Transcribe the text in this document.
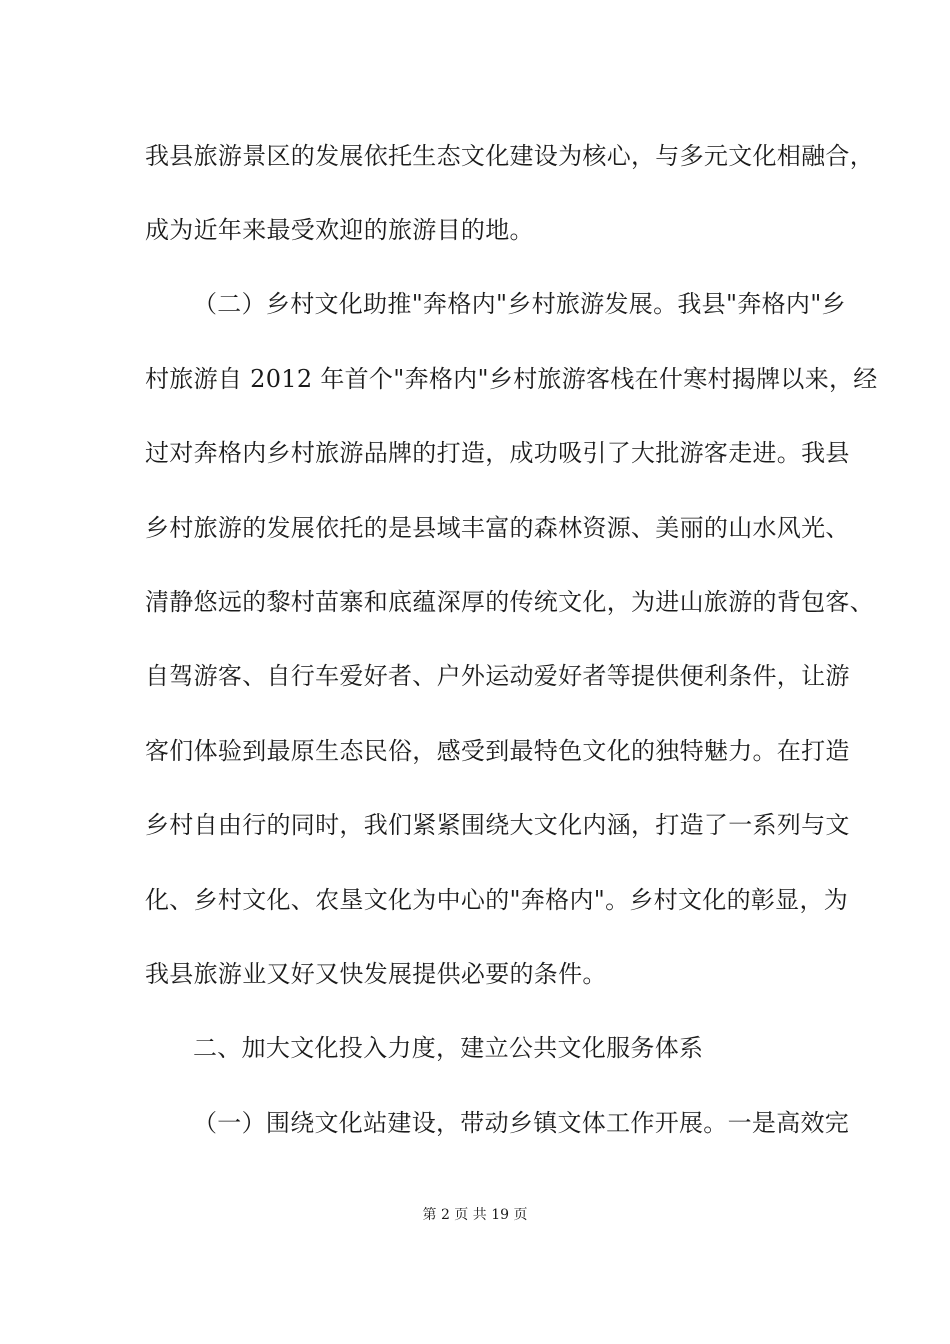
我县旅游景区的发展依托生态文化建设为核心，与多元文化相融合，
成为近年来最受欢迎的旅游目的地。
（二）乡村文化助推"奔格内"乡村旅游发展。我县"奔格内"乡
村旅游自 2012 年首个"奔格内"乡村旅游客栈在什寒村揭牌以来，经
过对奔格内乡村旅游品牌的打造，成功吸引了大批游客走进。我县
乡村旅游的发展依托的是县域丰富的森林资源、美丽的山水风光、
清静悠远的黎村苗寨和底蕴深厚的传统文化，为进山旅游的背包客、
自驾游客、自行车爱好者、户外运动爱好者等提供便利条件，让游
客们体验到最原生态民俗，感受到最特色文化的独特魅力。在打造
乡村自由行的同时，我们紧紧围绕大文化内涵，打造了一系列与文
化、乡村文化、农垦文化为中心的"奔格内"。乡村文化的彰显，为
我县旅游业又好又快发展提供必要的条件。
二、加大文化投入力度，建立公共文化服务体系
（一）围绕文化站建设，带动乡镇文体工作开展。一是高效完
第 2 页 共 19 页
